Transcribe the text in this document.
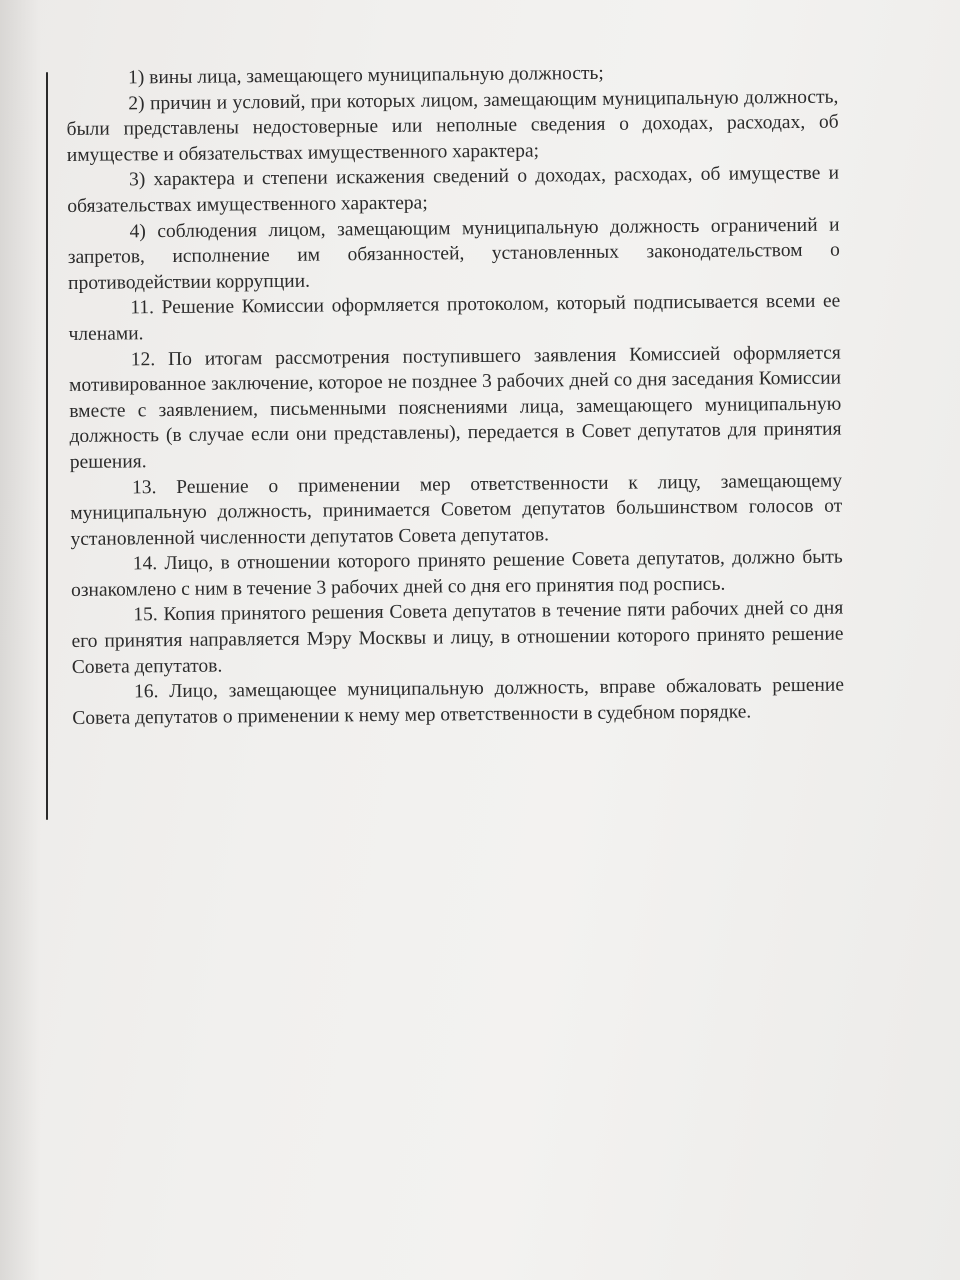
1) вины лица, замещающего муниципальную должность;

2) причин и условий, при которых лицом, замещающим муниципальную должность, были представлены недостоверные или неполные сведения о доходах, расходах, об имуществе и обязательствах имущественного характера;

3) характера и степени искажения сведений о доходах, расходах, об имуществе и обязательствах имущественного характера;

4) соблюдения лицом, замещающим муниципальную должность ограничений и запретов, исполнение им обязанностей, установленных законодательством о противодействии коррупции.

11. Решение Комиссии оформляется протоколом, который подписывается всеми ее членами.

12. По итогам рассмотрения поступившего заявления Комиссией оформляется мотивированное заключение, которое не позднее 3 рабочих дней со дня заседания Комиссии вместе с заявлением, письменными пояснениями лица, замещающего муниципальную должность (в случае если они представлены), передается в Совет депутатов для принятия решения.

13. Решение о применении мер ответственности к лицу, замещающему муниципальную должность, принимается Советом депутатов большинством голосов от установленной численности депутатов Совета депутатов.

14. Лицо, в отношении которого принято решение Совета депутатов, должно быть ознакомлено с ним в течение 3 рабочих дней со дня его принятия под роспись.

15. Копия принятого решения Совета депутатов в течение пяти рабочих дней со дня его принятия направляется Мэру Москвы и лицу, в отношении которого принято решение Совета депутатов.

16. Лицо, замещающее муниципальную должность, вправе обжаловать решение Совета депутатов о применении к нему мер ответственности в судебном порядке.
